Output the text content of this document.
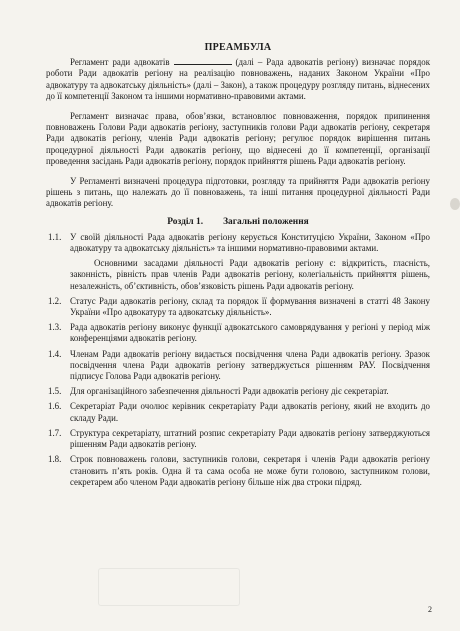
ПРЕАМБУЛА

Регламент ради адвокатів	(далі – Рада адвокатів регіону) визначає порядок роботи Ради адвокатів регіону на реалізацію повноважень, наданих Законом України «Про адвокатуру та адвокатську діяльність» (далі – Закон), а також процедуру розгляду питань, віднесених до її компетенції Законом та іншими нормативно-правовими актами.

Регламент визначає права, обов’язки, встановлює повноваження, порядок припинення повноважень Голови Ради адвокатів регіону, заступників голови Ради адвокатів регіону, секретаря Ради адвокатів регіону, членів Ради адвокатів регіону; регулює порядок вирішення питань процедурної діяльності Ради адвокатів регіону, що віднесені до її компетенції, організації проведення засідань Ради адвокатів регіону, порядок прийняття рішень Ради адвокатів регіону.

У Регламенті визначені процедура підготовки, розгляду та прийняття Ради адвокатів регіону рішень з питань, що належать до її повноважень, та інші питання процедурної діяльності Ради адвокатів регіону.

Розділ 1. Загальні положення
1.1. У своїй діяльності Рада адвокатів регіону керується Конституцією України, Законом «Про адвокатуру та адвокатську діяльність» та іншими нормативно-правовими актами.

Основними засадами діяльності Ради адвокатів регіону є: відкритість, гласність, законність, рівність прав членів Ради адвокатів регіону, колегіальність прийняття рішень, незалежність, об’єктивність, обов’язковість рішень Ради адвокатів регіону.

1.2. Статус Ради адвокатів регіону, склад та порядок її формування визначені в статті 48 Закону України «Про адвокатуру та адвокатську діяльність».
1.3. Рада адвокатів регіону виконує функції адвокатського самоврядування у регіоні у період між конференціями адвокатів регіону.
1.4. Членам Ради адвокатів регіону видається посвідчення члена Ради адвокатів регіону. Зразок посвідчення члена Ради адвокатів регіону затверджується рішенням РАУ. Посвідчення підписує Голова Ради адвокатів регіону.
1.5. Для організаційного забезпечення діяльності Ради адвокатів регіону діє секретаріат.
1.6. Секретаріат Ради очолює керівник секретаріату Ради адвокатів регіону, який не входить до складу Ради.
1.7. Структура секретаріату, штатний розпис секретаріату Ради адвокатів регіону затверджуються рішенням Ради адвокатів регіону.
1.8. Строк повноважень голови, заступників голови, секретаря і членів Ради адвокатів регіону становить п’ять років. Одна й та сама особа не може бути головою, заступником голови, секретарем або членом Ради адвокатів регіону більше ніж два строки підряд.
2
